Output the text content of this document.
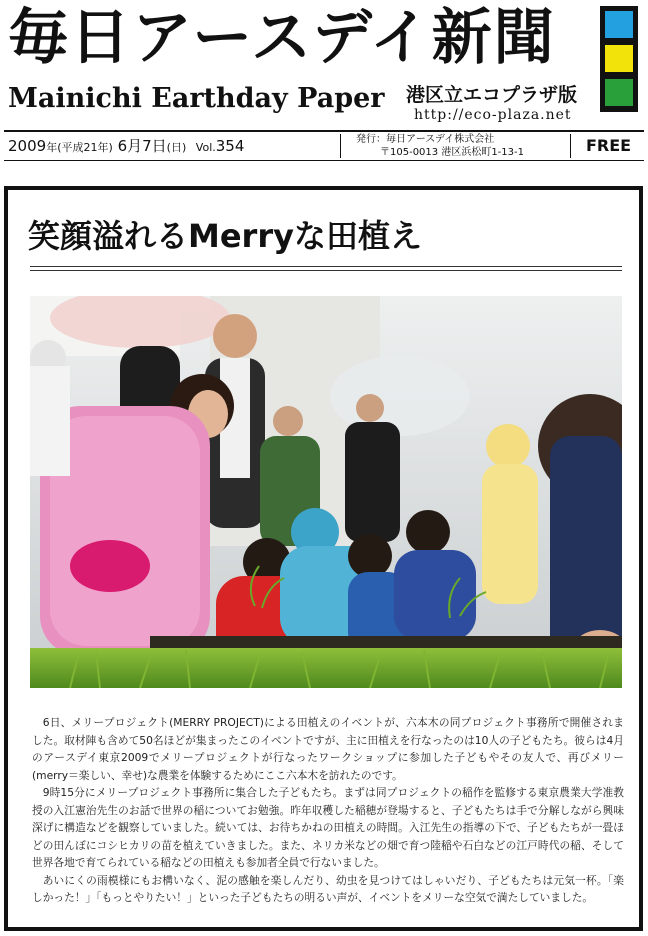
毎日アースデイ新聞
Mainichi Earthday Paper 港区立エコプラザ版
http://eco-plaza.net
2009年(平成21年) 6月7日(日) Vol.354	発行：毎日アースデイ株式会社
〒105-0013 港区浜松町1-13-1	FREE
笑顔溢れるMerryな田植え

6日、メリープロジェクト(MERRY PROJECT)による田植えのイベントが、六本木の同プロジェクト事務所で開催されました。取材陣も含めて50名ほどが集まったこのイベントですが、主に田植えを行なったのは10人の子どもたち。彼らは4月のアースデイ東京2009でメリープロジェクトが行なったワークショップに参加した子どもやその友人で、再びメリー(merry＝楽しい、幸せ)な農業を体験するためにここ六本木を訪れたのです。

9時15分にメリープロジェクト事務所に集合した子どもたち。まずは同プロジェクトの稲作を監修する東京農業大学准教授の入江憲治先生のお話で世界の稲についてお勉強。昨年収穫した稲穂が登場すると、子どもたちは手で分解しながら興味深げに構造などを観察していました。続いては、お待ちかねの田植えの時間。入江先生の指導の下で、子どもたちが一畳ほどの田んぼにコシヒカリの苗を植えていきました。また、ネリカ米などの畑で育つ陸稲や石白などの江戸時代の稲、そして世界各地で育てられている稲などの田植えも参加者全員で行ないました。

あいにくの雨模様にもお構いなく、泥の感触を楽しんだり、幼虫を見つけてはしゃいだり、子どもたちは元気一杯。「楽しかった！」「もっとやりたい！」といった子どもたちの明るい声が、イベントをメリーな空気で満たしていました。
